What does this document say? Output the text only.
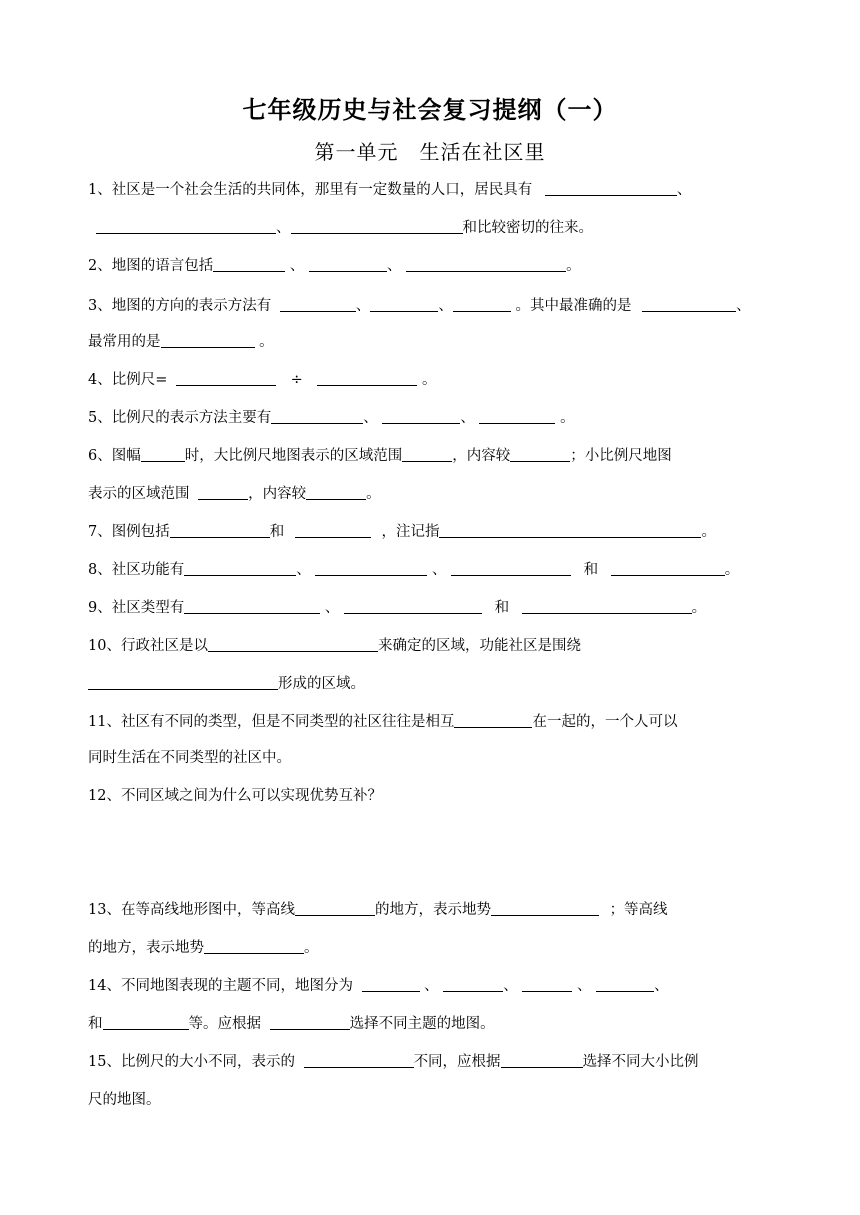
七年级历史与社会复习提纲（一）
第一单元　生活在社区里
1、社区是一个社会生活的共同体，那里有一定数量的人口，居民具有	、
、	和比较密切的往来。
2、地图的语言包括	、	、	。
3、地图的方向的表示方法有	、	、	。其中最准确的是	、
最常用的是	。
4、比例尺=	÷	。
5、比例尺的表示方法主要有	、	、	。
6、图幅	时，大比例尺地图表示的区域范围	，内容较	；小比例尺地图
表示的区域范围	，内容较	。
7、图例包括	和	，注记指	。
8、社区功能有	、	、	和	。
9、社区类型有	、	和	。
10、行政社区是以	来确定的区域，功能社区是围绕
形成的区域。
11、社区有不同的类型，但是不同类型的社区往往是相互	在一起的，一个人可以
同时生活在不同类型的社区中。
12、不同区域之间为什么可以实现优势互补？
13、在等高线地形图中，等高线	的地方，表示地势	；等高线
的地方，表示地势	。
14、不同地图表现的主题不同，地图分为	、	、	、	、
和	等。应根据	选择不同主题的地图。
15、比例尺的大小不同，表示的	不同，应根据	选择不同大小比例
尺的地图。
